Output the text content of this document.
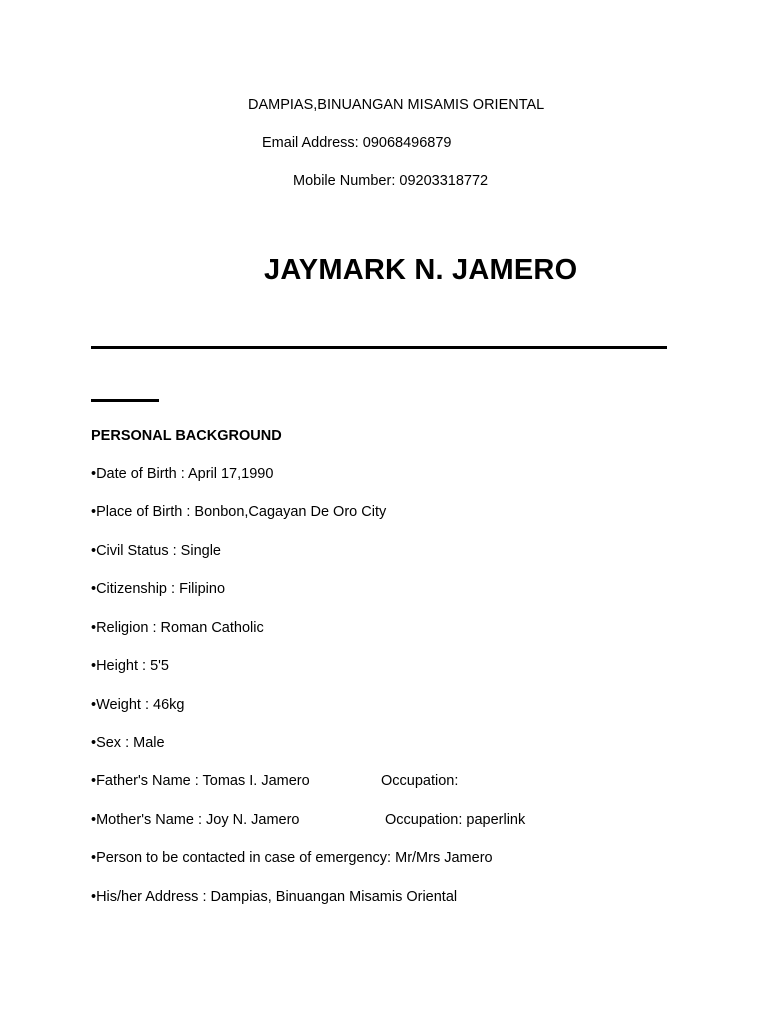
DAMPIAS,BINUANGAN MISAMIS ORIENTAL
Email Address: 09068496879
Mobile Number: 09203318772
JAYMARK N. JAMERO
PERSONAL BACKGROUND
•Date of Birth : April 17,1990
•Place of Birth : Bonbon,Cagayan De Oro City
•Civil Status : Single
•Citizenship : Filipino
•Religion : Roman Catholic
•Height : 5'5
•Weight : 46kg
•Sex : Male
•Father's Name : Tomas I. Jamero	Occupation:
•Mother's Name : Joy N. Jamero	Occupation: paperlink
•Person to be contacted in case of emergency: Mr/Mrs Jamero
•His/her Address : Dampias, Binuangan Misamis Oriental
